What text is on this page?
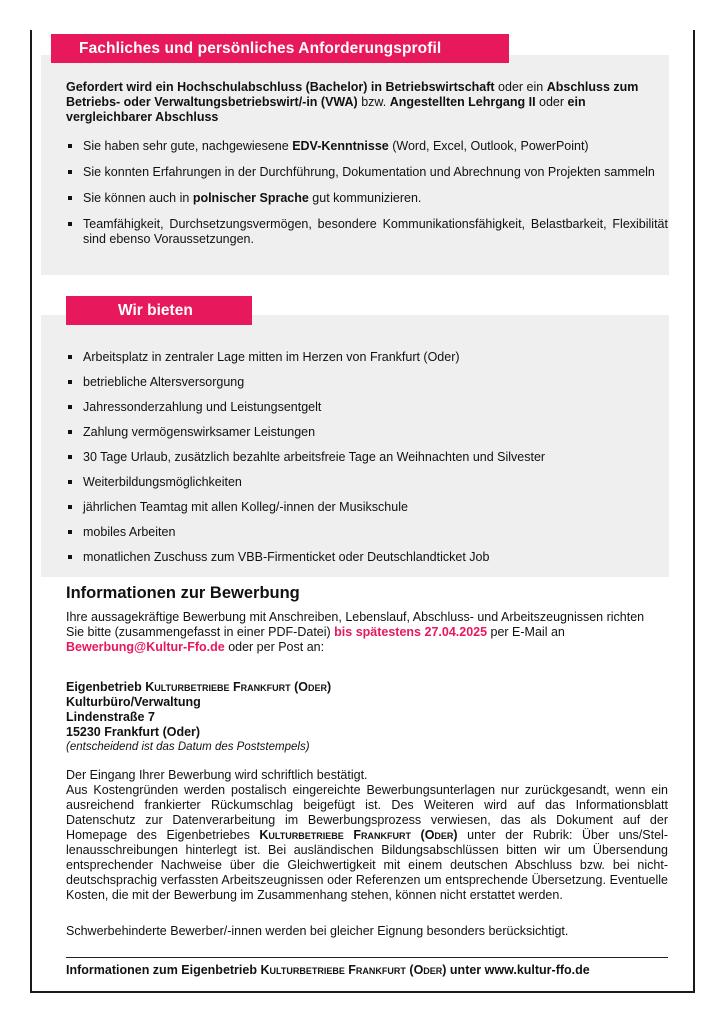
Fachliches und persönliches Anforderungsprofil
Gefordert wird ein Hochschulabschluss (Bachelor) in Betriebswirtschaft oder ein Abschluss zum Betriebs- oder Verwaltungsbetriebswirt/-in (VWA) bzw. Angestellten Lehrgang II oder ein vergleichbarer Abschluss
Sie haben sehr gute, nachgewiesene EDV-Kenntnisse (Word, Excel, Outlook, PowerPoint)
Sie konnten Erfahrungen in der Durchführung, Dokumentation und Abrechnung von Projekten sammeln
Sie können auch in polnischer Sprache gut kommunizieren.
Teamfähigkeit, Durchsetzungsvermögen, besondere Kommunikationsfähigkeit, Belastbarkeit, Flexibilität sind ebenso Voraussetzungen.
Wir bieten
Arbeitsplatz in zentraler Lage mitten im Herzen von Frankfurt (Oder)
betriebliche Altersversorgung
Jahressonderzahlung und Leistungsentgelt
Zahlung vermögenswirksamer Leistungen
30 Tage Urlaub, zusätzlich bezahlte arbeitsfreie Tage an Weihnachten und Silvester
Weiterbildungsmöglichkeiten
jährlichen Teamtag mit allen Kolleg/-innen der Musikschule
mobiles Arbeiten
monatlichen Zuschuss zum VBB-Firmenticket oder Deutschlandticket Job
Informationen zur Bewerbung
Ihre aussagekräftige Bewerbung mit Anschreiben, Lebenslauf, Abschluss- und Arbeitszeugnissen richten Sie bitte (zusammengefasst in einer PDF-Datei) bis spätestens 27.04.2025 per E-Mail an
Bewerbung@Kultur-Ffo.de oder per Post an:
Eigenbetrieb Kulturbetriebe Frankfurt (Oder)
Kulturbüro/Verwaltung
Lindenstraße 7
15230 Frankfurt (Oder)
(entscheidend ist das Datum des Poststempels)
Der Eingang Ihrer Bewerbung wird schriftlich bestätigt.
Aus Kostengründen werden postalisch eingereichte Bewerbungsunterlagen nur zurückgesandt, wenn ein ausreichend frankierter Rückumschlag beigefügt ist. Des Weiteren wird auf das Informationsblatt Datenschutz zur Datenverarbeitung im Bewerbungsprozess verwiesen, das als Dokument auf der Homepage des Eigenbetriebes Kulturbetriebe Frankfurt (Oder) unter der Rubrik: Über uns/Stel-lenausschreibungen hinterlegt ist. Bei ausländischen Bildungsabschlüssen bitten wir um Übersendung entsprechender Nachweise über die Gleichwertigkeit mit einem deutschen Abschluss bzw. bei nicht-deutschsprachig verfassten Arbeitszeugnissen oder Referenzen um entsprechende Übersetzung. Eventuelle Kosten, die mit der Bewerbung im Zusammenhang stehen, können nicht erstattet werden.
Schwerbehinderte Bewerber/-innen werden bei gleicher Eignung besonders berücksichtigt.
Informationen zum Eigenbetrieb Kulturbetriebe Frankfurt (Oder) unter www.kultur-ffo.de
